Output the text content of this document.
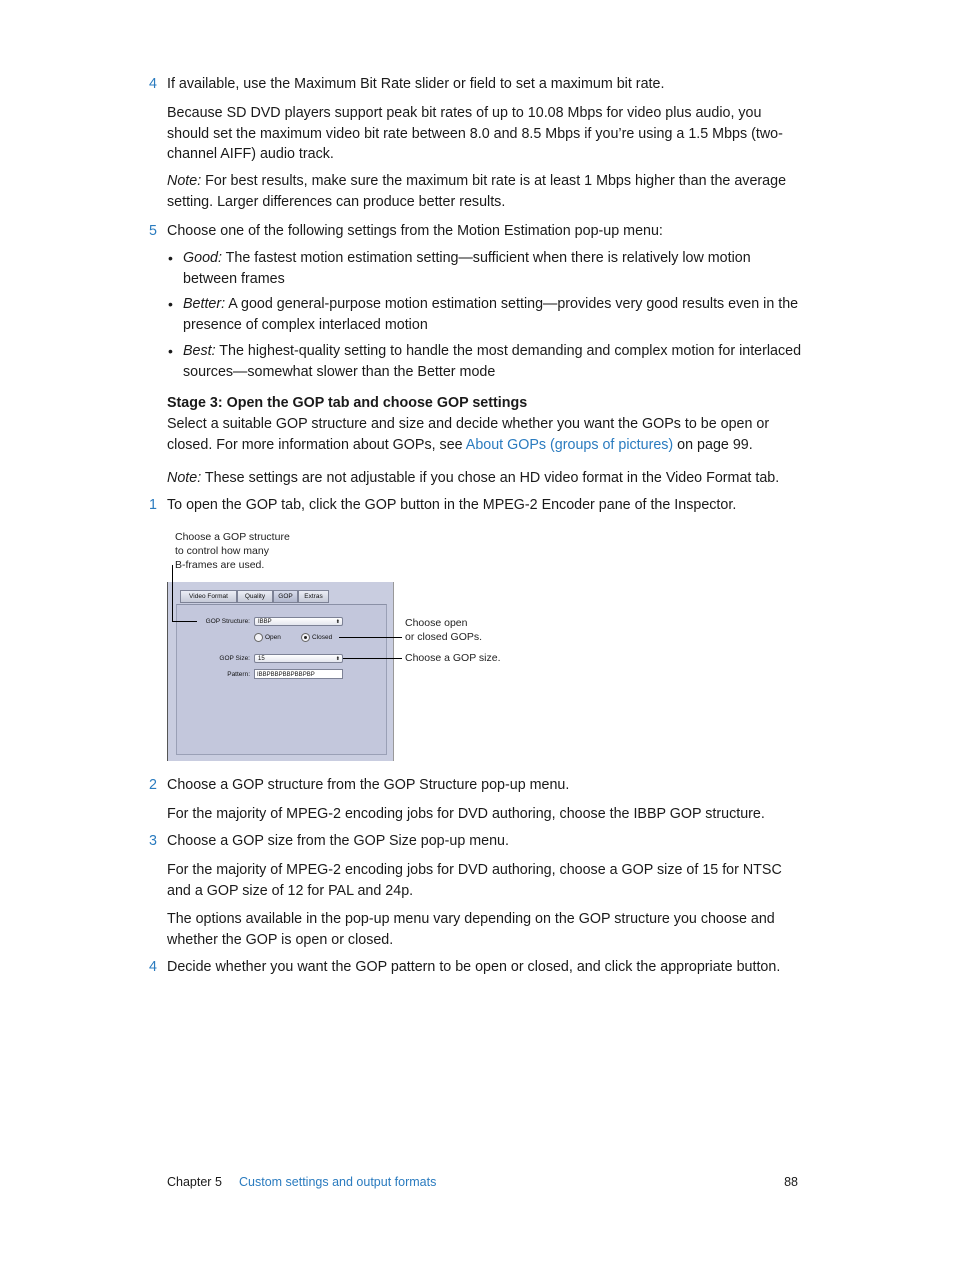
4 If available, use the Maximum Bit Rate slider or field to set a maximum bit rate.
Because SD DVD players support peak bit rates of up to 10.08 Mbps for video plus audio, you should set the maximum video bit rate between 8.0 and 8.5 Mbps if you’re using a 1.5 Mbps (two-channel AIFF) audio track.
Note: For best results, make sure the maximum bit rate is at least 1 Mbps higher than the average setting. Larger differences can produce better results.
5 Choose one of the following settings from the Motion Estimation pop-up menu:
• Good: The fastest motion estimation setting—sufficient when there is relatively low motion between frames
• Better: A good general-purpose motion estimation setting—provides very good results even in the presence of complex interlaced motion
• Best: The highest-quality setting to handle the most demanding and complex motion for interlaced sources—somewhat slower than the Better mode
Stage 3: Open the GOP tab and choose GOP settings
Select a suitable GOP structure and size and decide whether you want the GOPs to be open or closed. For more information about GOPs, see About GOPs (groups of pictures) on page 99.
Note: These settings are not adjustable if you chose an HD video format in the Video Format tab.
1 To open the GOP tab, click the GOP button in the MPEG-2 Encoder pane of the Inspector.
Choose a GOP structure
to control how many
B-frames are used.
Choose open
or closed GOPs.
Choose a GOP size.
Video Format	Quality	GOP	Extras
GOP Structure:	IBBP	⬍
Open	Closed
GOP Size:	15	⬍
Pattern:	IBBPBBPBBPBBPBP
2 Choose a GOP structure from the GOP Structure pop-up menu.
For the majority of MPEG-2 encoding jobs for DVD authoring, choose the IBBP GOP structure.
3 Choose a GOP size from the GOP Size pop-up menu.
For the majority of MPEG-2 encoding jobs for DVD authoring, choose a GOP size of 15 for NTSC and a GOP size of 12 for PAL and 24p.
The options available in the pop-up menu vary depending on the GOP structure you choose and whether the GOP is open or closed.
4 Decide whether you want the GOP pattern to be open or closed, and click the appropriate button.
Chapter 5 Custom settings and output formats	88
